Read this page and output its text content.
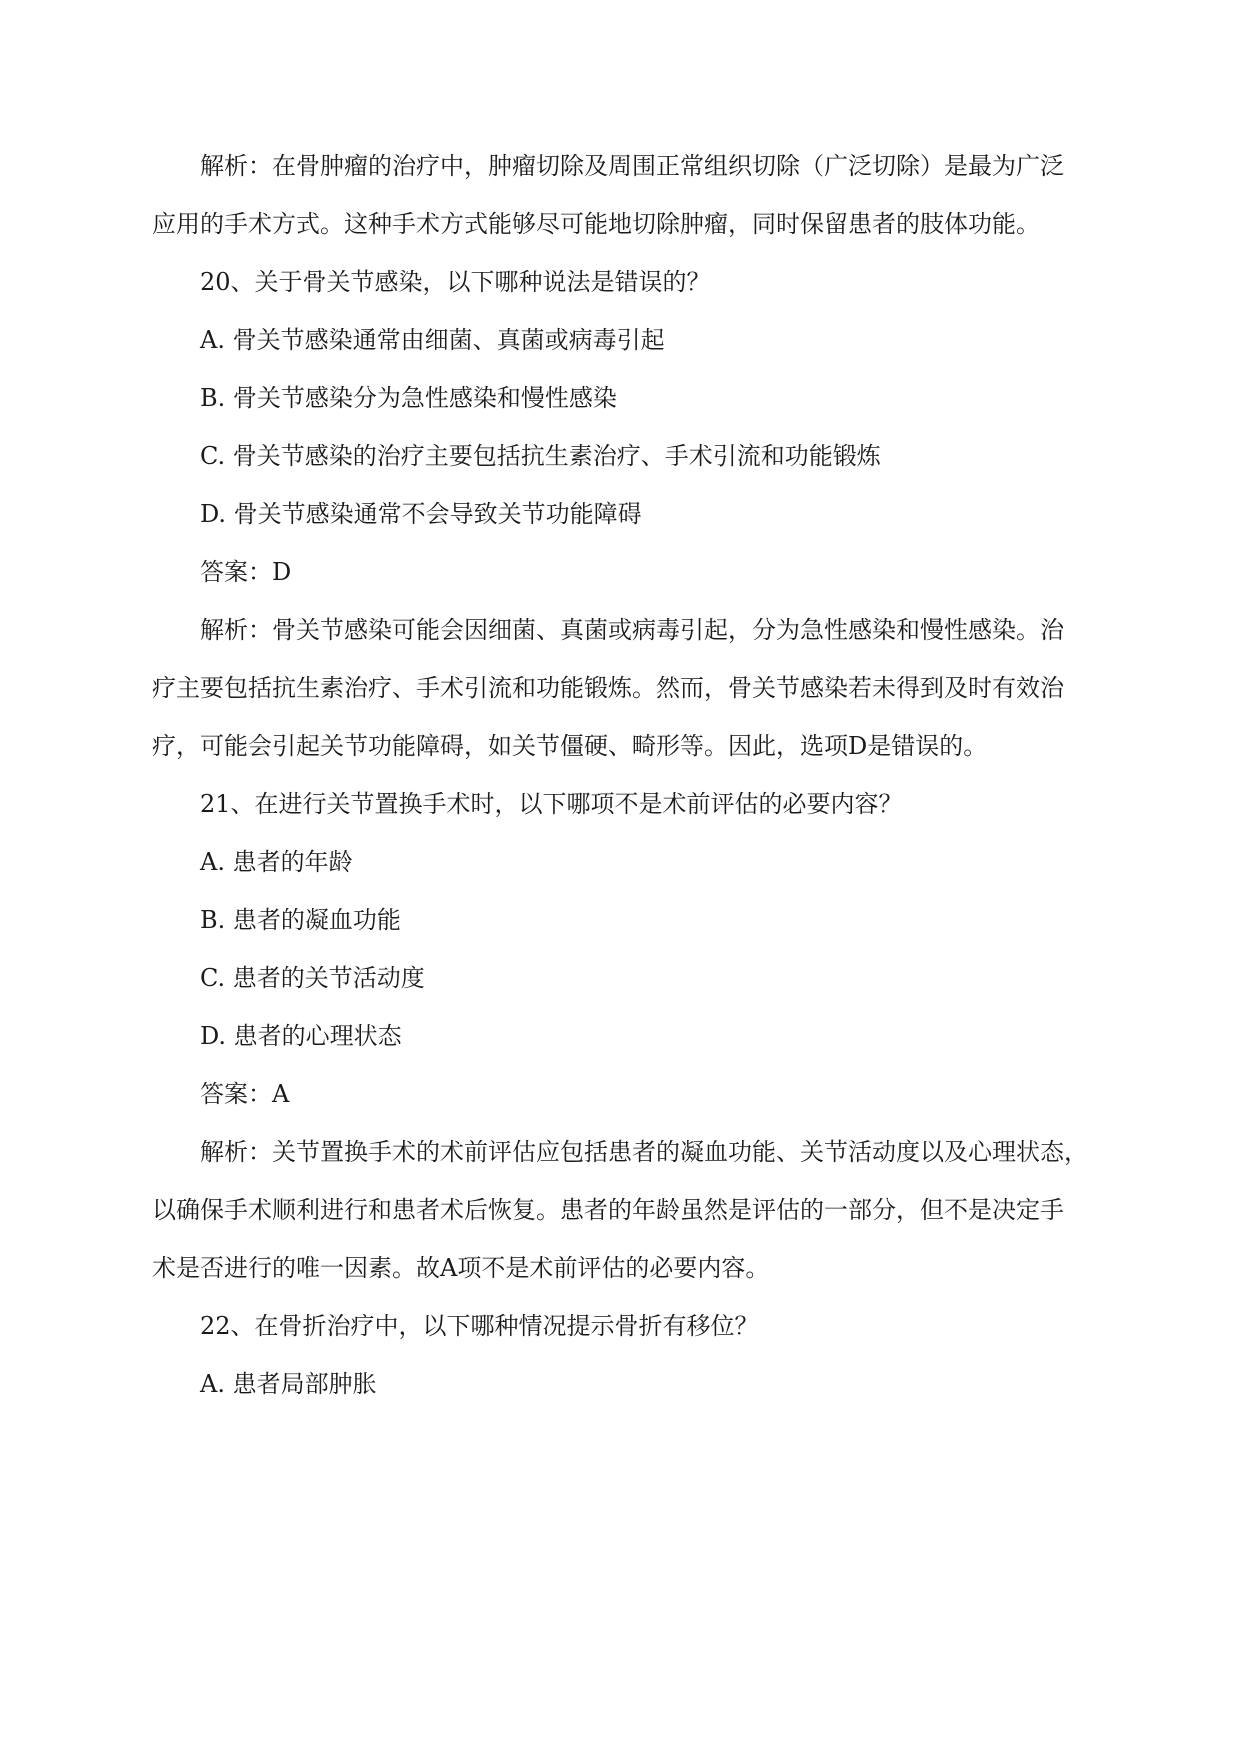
解析：在骨肿瘤的治疗中，肿瘤切除及周围正常组织切除（广泛切除）是最为广泛

应用的手术方式。这种手术方式能够尽可能地切除肿瘤，同时保留患者的肢体功能。

20、关于骨关节感染，以下哪种说法是错误的？

A. 骨关节感染通常由细菌、真菌或病毒引起

B. 骨关节感染分为急性感染和慢性感染

C. 骨关节感染的治疗主要包括抗生素治疗、手术引流和功能锻炼

D. 骨关节感染通常不会导致关节功能障碍

答案：D

解析：骨关节感染可能会因细菌、真菌或病毒引起，分为急性感染和慢性感染。治

疗主要包括抗生素治疗、手术引流和功能锻炼。然而，骨关节感染若未得到及时有效治

疗，可能会引起关节功能障碍，如关节僵硬、畸形等。因此，选项D是错误的。

21、在进行关节置换手术时，以下哪项不是术前评估的必要内容？

A. 患者的年龄

B. 患者的凝血功能

C. 患者的关节活动度

D. 患者的心理状态

答案：A

解析：关节置换手术的术前评估应包括患者的凝血功能、关节活动度以及心理状态，

以确保手术顺利进行和患者术后恢复。患者的年龄虽然是评估的一部分，但不是决定手

术是否进行的唯一因素。故A项不是术前评估的必要内容。

22、在骨折治疗中，以下哪种情况提示骨折有移位？

A. 患者局部肿胀
